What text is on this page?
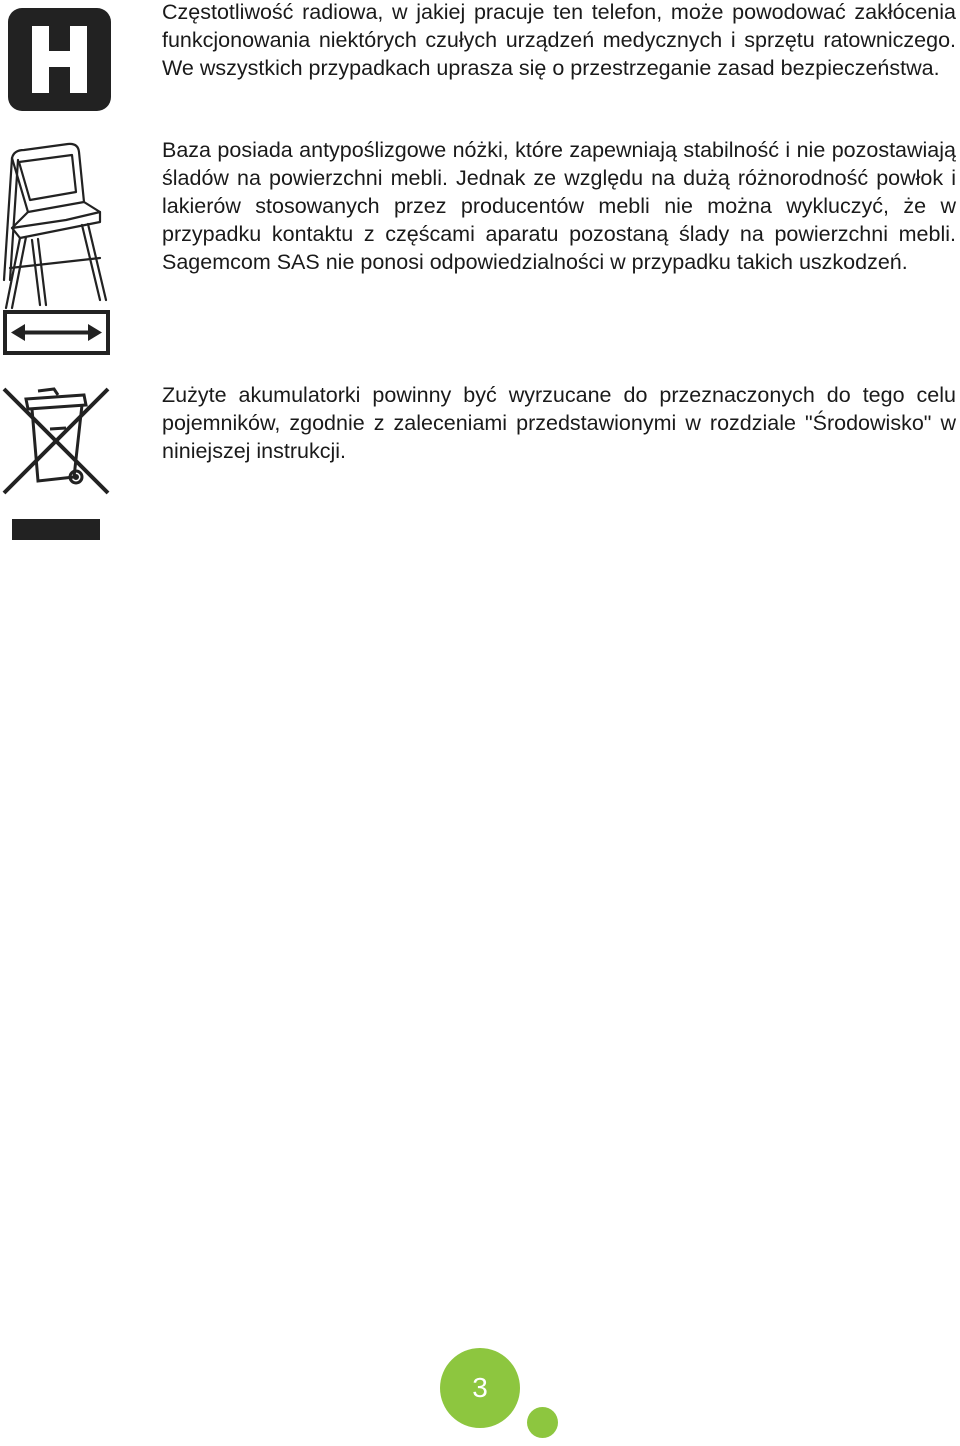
Częstotliwość radiowa, w jakiej pracuje ten telefon, może powodować zakłócenia funkcjonowania niektórych czułych urządzeń medycznych i sprzętu ratowniczego. We wszystkich przypadkach uprasza się o przestrzeganie zasad bezpieczeństwa.

Baza posiada antypoślizgowe nóżki, które zapewniają stabilność i nie pozostawiają śladów na powierzchni mebli. Jednak ze względu na dużą różnorodność powłok i lakierów stosowanych przez producentów mebli nie można wykluczyć, że w przypadku kontaktu z częścami aparatu pozostaną ślady na powierzchni mebli. Sagemcom SAS nie ponosi odpowiedzialności w przypadku takich uszkodzeń.

Zużyte akumulatorki powinny być wyrzucane do przeznaczonych do tego celu pojemników, zgodnie z zaleceniami przedstawionymi w rozdziale "Środowisko" w niniejszej instrukcji.

3
